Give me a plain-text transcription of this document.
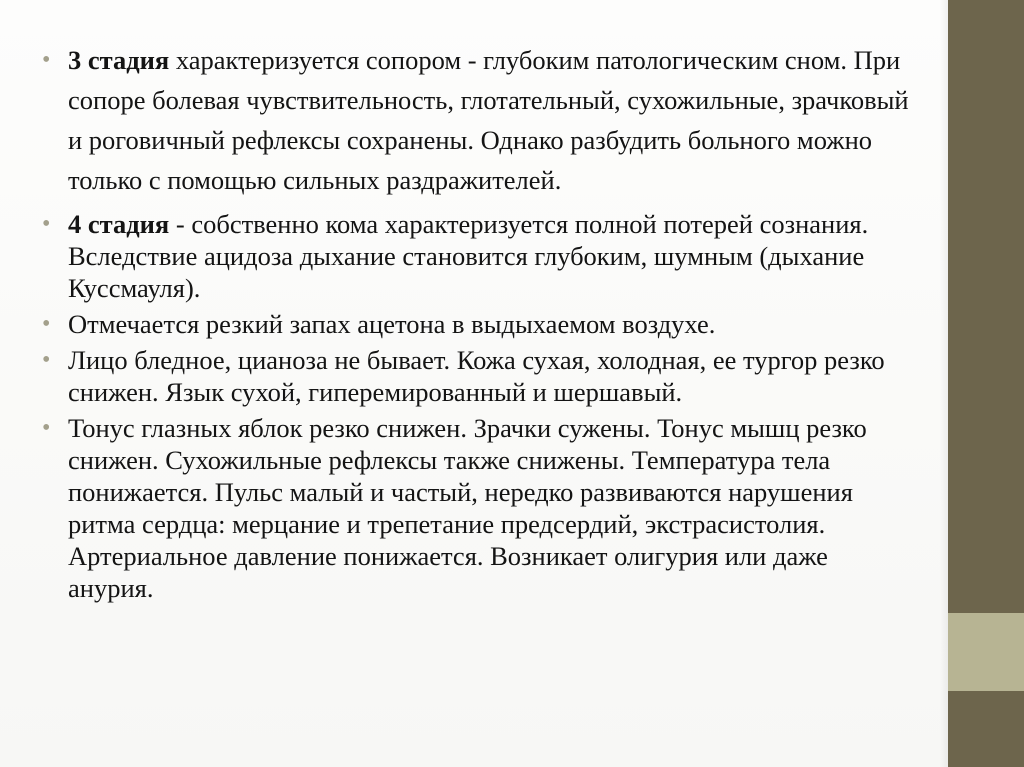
• 3 стадия характеризуется сопором - глубоким патологическим сном. При сопоре болевая чувствительность, глотательный, сухожильные, зрачковый и роговичный рефлексы сохранены. Однако разбудить больного можно только с помощью сильных раздражителей.
• 4 стадия - собственно кома характеризуется полной потерей сознания. Вследствие ацидоза дыхание становится глубоким, шумным (дыхание Куссмауля).
• Отмечается резкий запах ацетона в выдыхаемом воздухе.
• Лицо бледное, цианоза не бывает. Кожа сухая, холодная, ее тургор резко снижен. Язык сухой, гиперемированный и шершавый.
• Тонус глазных яблок резко снижен. Зрачки сужены. Тонус мышц резко снижен. Сухожильные рефлексы также снижены. Температура тела понижается. Пульс малый и частый, нередко развиваются нарушения ритма сердца: мерцание и трепетание предсердий, экстрасистолия. Артериальное давление понижается. Возникает олигурия или даже анурия.
